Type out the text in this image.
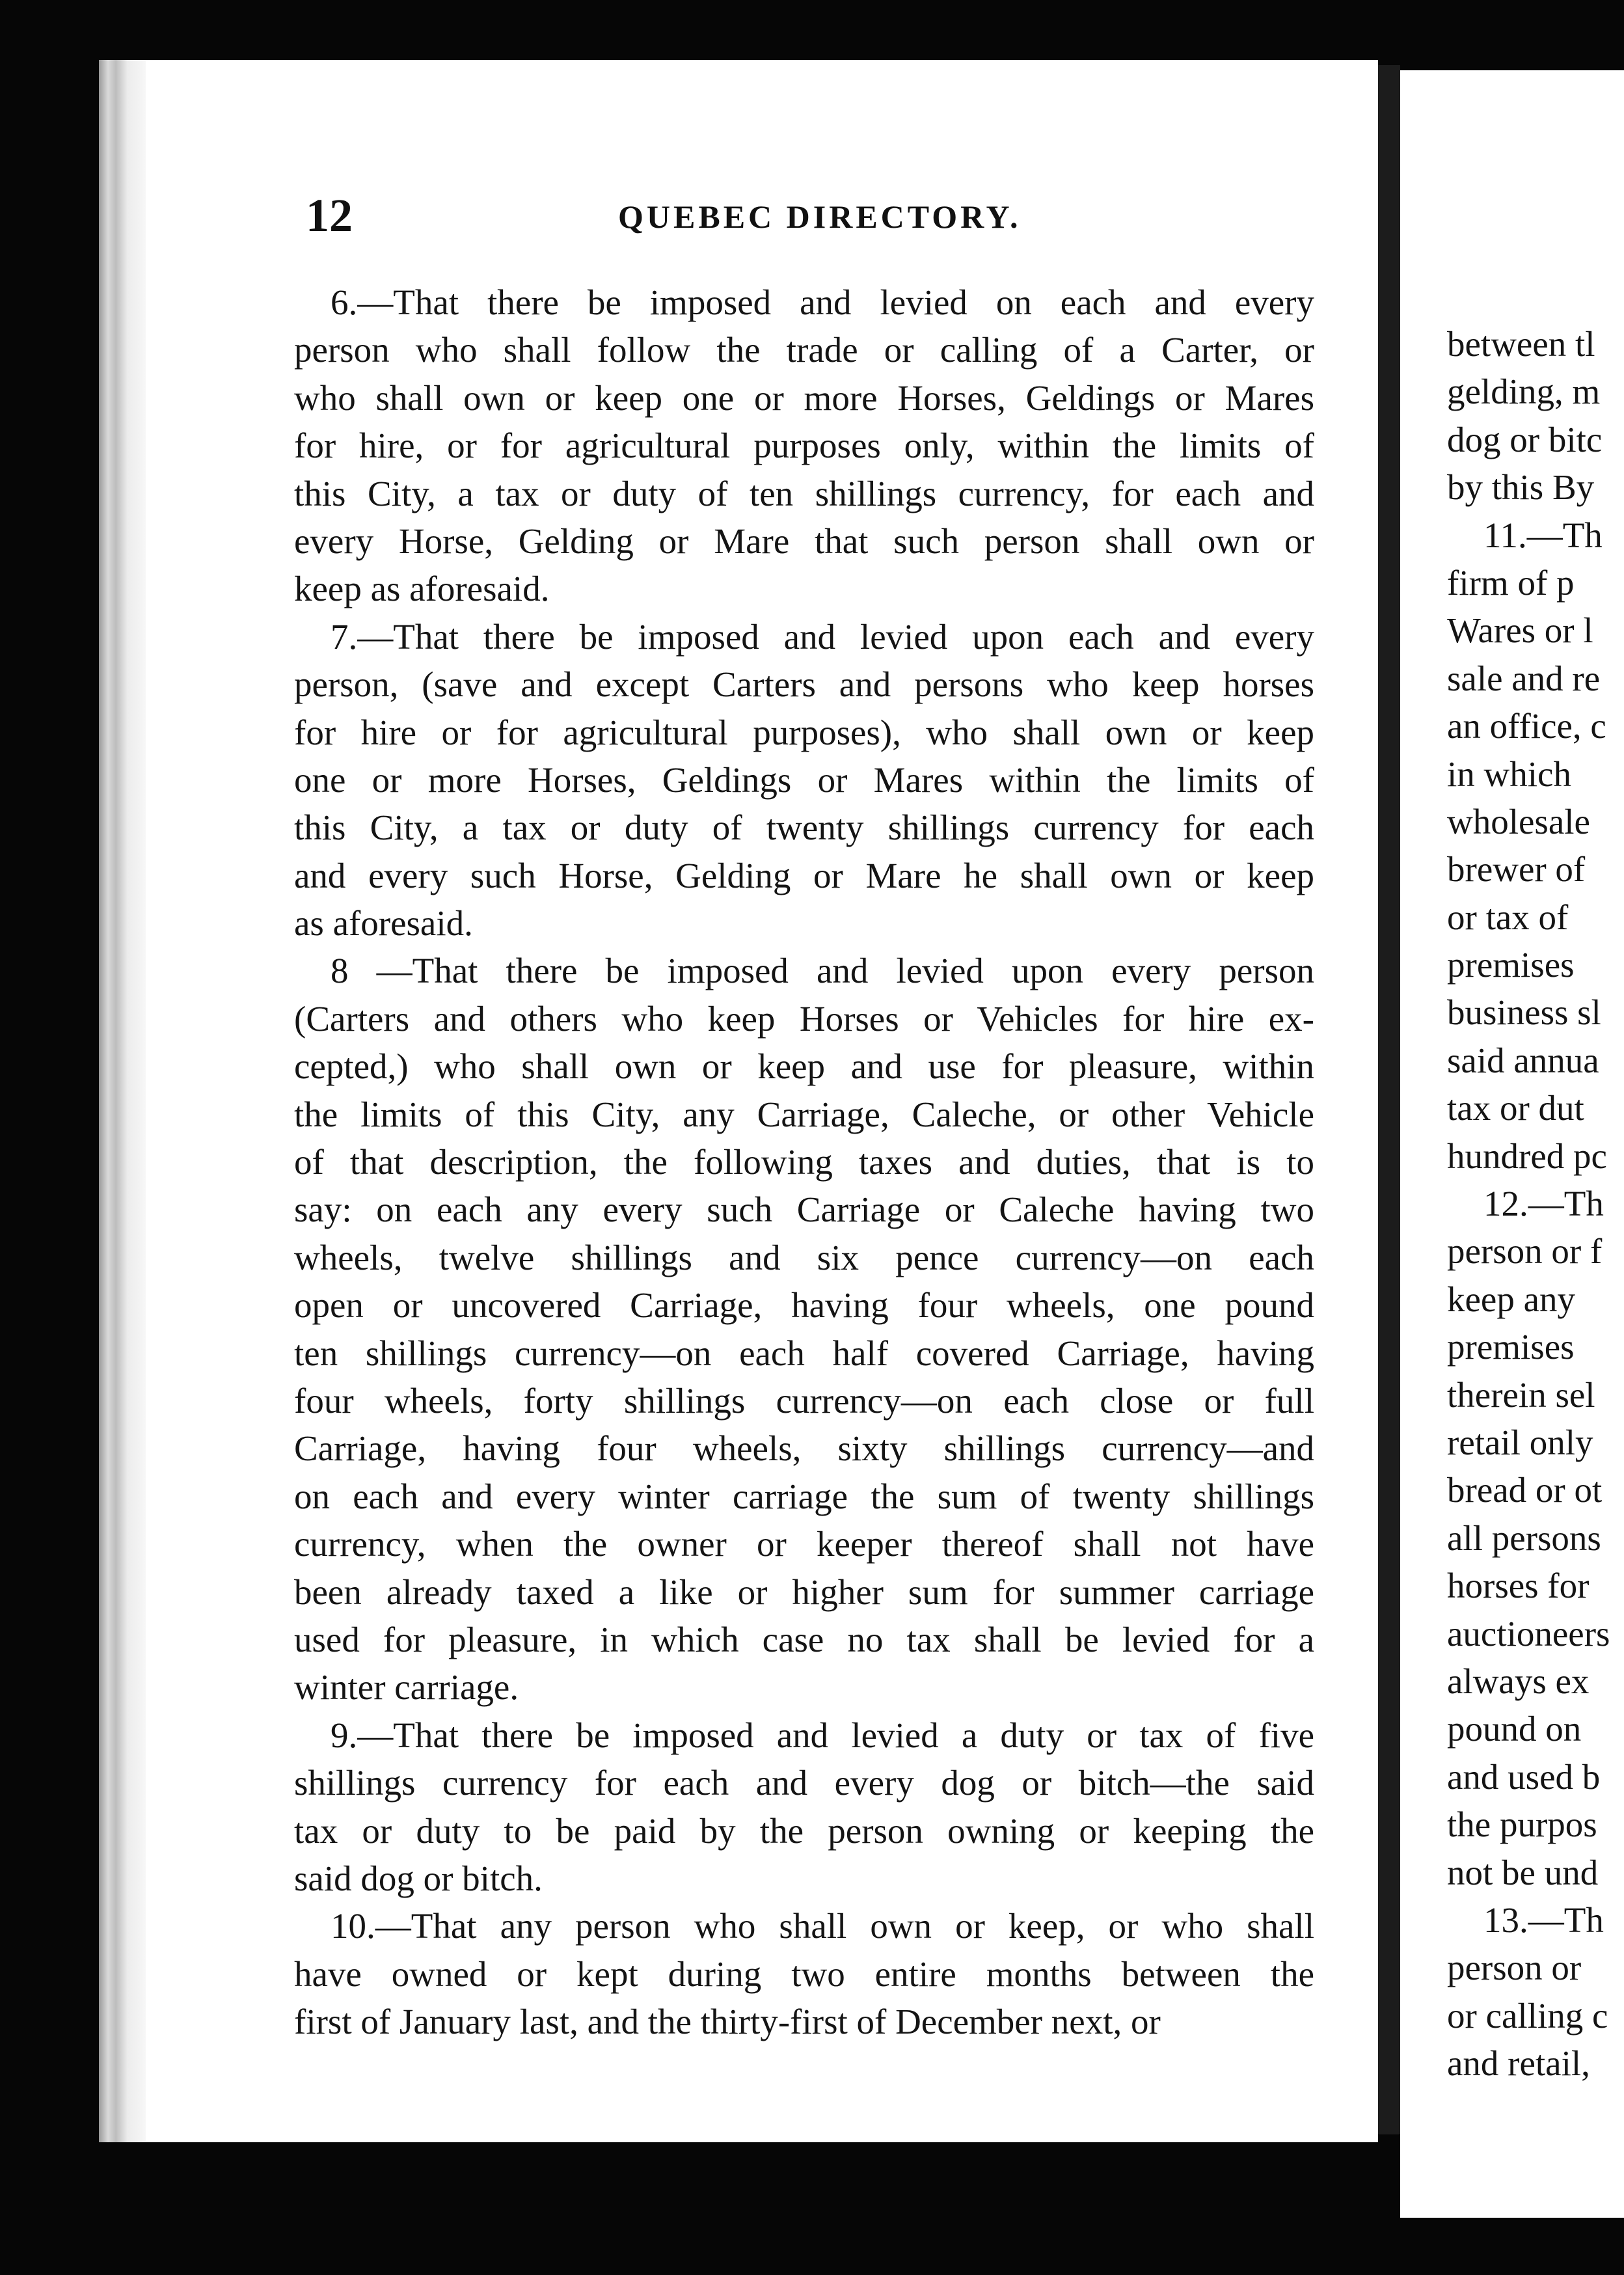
12	QUEBEC DIRECTORY.
6.—That there be imposed and levied on each and every
person who shall follow the trade or calling of a Carter, or
who shall own or keep one or more Horses, Geldings or Mares
for hire, or for agricultural purposes only, within the limits of
this City, a tax or duty of ten shillings currency, for each and
every Horse, Gelding or Mare that such person shall own or
keep as aforesaid.
7.—That there be imposed and levied upon each and every
person, (save and except Carters and persons who keep horses
for hire or for agricultural purposes), who shall own or keep
one or more Horses, Geldings or Mares within the limits of
this City, a tax or duty of twenty shillings currency for each
and every such Horse, Gelding or Mare he shall own or keep
as aforesaid.
8 —That there be imposed and levied upon every person
(Carters and others who keep Horses or Vehicles for hire ex-
cepted,) who shall own or keep and use for pleasure, within
the limits of this City, any Carriage, Caleche, or other Vehicle
of that description, the following taxes and duties, that is to
say: on each any every such Carriage or Caleche having two
wheels, twelve shillings and six pence currency—on each
open or uncovered Carriage, having four wheels, one pound
ten shillings currency—on each half covered Carriage, having
four wheels, forty shillings currency—on each close or full
Carriage, having four wheels, sixty shillings currency—and
on each and every winter carriage the sum of twenty shillings
currency, when the owner or keeper thereof shall not have
been already taxed a like or higher sum for summer carriage
used for pleasure, in which case no tax shall be levied for a
winter carriage.
9.—That there be imposed and levied a duty or tax of five
shillings currency for each and every dog or bitch—the said
tax or duty to be paid by the person owning or keeping the
said dog or bitch.
10.—That any person who shall own or keep, or who shall
have owned or kept during two entire months between the
first of January last, and the thirty-first of December next, or
between tl
gelding, m
dog or bitc
by this By
11.—Th
firm of p
Wares or l
sale and re
an office, c
in which
wholesale
brewer of
or tax of
premises
business sl
said annua
tax or dut
hundred pc
12.—Th
person or f
keep any
premises
therein sel
retail only
bread or ot
all persons
horses for
auctioneers
always ex
pound on
and used b
the purpos
not be und
13.—Th
person or
or calling c
and retail,
